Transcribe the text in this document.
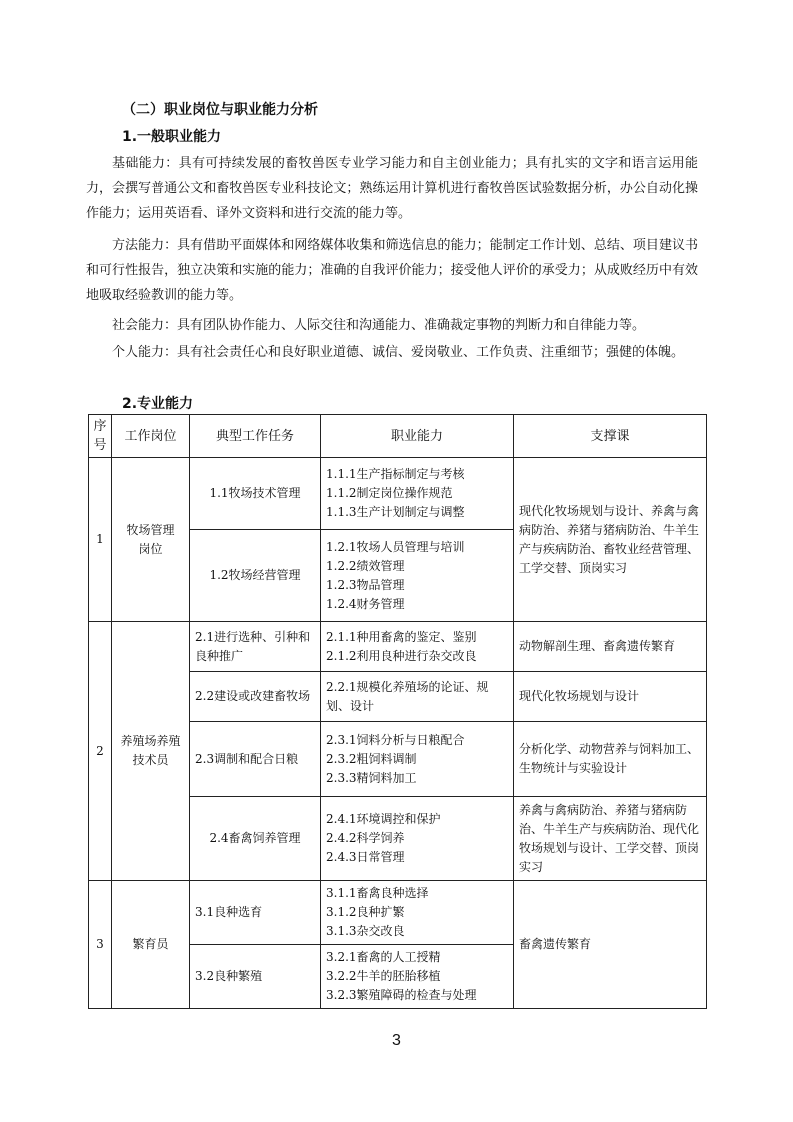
（二）职业岗位与职业能力分析
1.一般职业能力

基础能力：具有可持续发展的畜牧兽医专业学习能力和自主创业能力；具有扎实的文字和语言运用能力，会撰写普通公文和畜牧兽医专业科技论文；熟练运用计算机进行畜牧兽医试验数据分析，办公自动化操作能力；运用英语看、译外文资料和进行交流的能力等。

方法能力：具有借助平面媒体和网络媒体收集和筛选信息的能力；能制定工作计划、总结、项目建议书和可行性报告，独立决策和实施的能力；准确的自我评价能力；接受他人评价的承受力；从成败经历中有效地吸取经验教训的能力等。

社会能力：具有团队协作能力、人际交往和沟通能力、准确裁定事物的判断力和自律能力等。

个人能力：具有社会责任心和良好职业道德、诚信、爱岗敬业、工作负责、注重细节；强健的体魄。

2.专业能力
序号	工作岗位	典型工作任务	职业能力	支撑课
1	牧场管理岗位	1.1牧场技术管理	1.1.1生产指标制定与考核
1.1.2制定岗位操作规范
1.1.3生产计划制定与调整	现代化牧场规划与设计、养禽与禽病防治、养猪与猪病防治、牛羊生产与疾病防治、畜牧业经营管理、工学交替、顶岗实习
		1.2牧场经营管理	1.2.1牧场人员管理与培训
1.2.2绩效管理
1.2.3物品管理
1.2.4财务管理	

2	养殖场养殖技术员	2.1进行选种、引种和良种推广	2.1.1种用畜禽的鉴定、鉴别
2.1.2利用良种进行杂交改良	动物解剖生理、畜禽遗传繁育
		2.2建设或改建畜牧场	2.2.1规模化养殖场的论证、规划、设计	现代化牧场规划与设计
		2.3调制和配合日粮	2.3.1饲料分析与日粮配合
2.3.2粗饲料调制
2.3.3精饲料加工	分析化学、动物营养与饲料加工、生物统计与实验设计
		2.4畜禽饲养管理	2.4.1环境调控和保护
2.4.2科学饲养
2.4.3日常管理	养禽与禽病防治、养猪与猪病防治、牛羊生产与疾病防治、现代化牧场规划与设计、工学交替、顶岗实习
3	繁育员	3.1良种选育	3.1.1畜禽良种选择
3.1.2良种扩繁
3.1.3杂交改良	畜禽遗传繁育
		3.2良种繁殖	3.2.1畜禽的人工授精
3.2.2牛羊的胚胎移植
3.2.3繁殖障碍的检查与处理	
3
